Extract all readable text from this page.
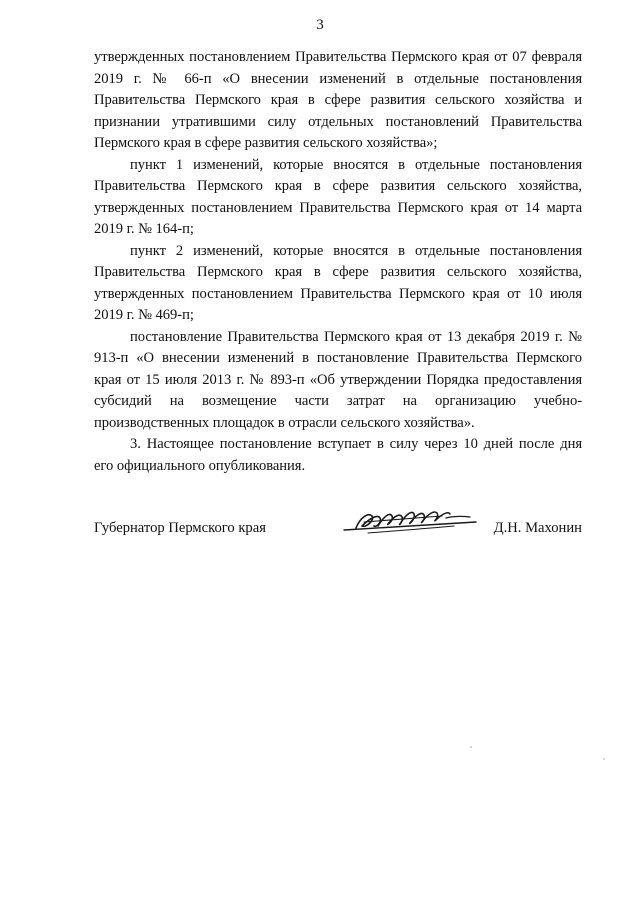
3

утвержденных постановлением Правительства Пермского края от 07 февраля 2019 г. № 66-п «О внесении изменений в отдельные постановления Правительства Пермского края в сфере развития сельского хозяйства и признании утратившими силу отдельных постановлений Правительства Пермского края в сфере развития сельского хозяйства»;

пункт 1 изменений, которые вносятся в отдельные постановления Правительства Пермского края в сфере развития сельского хозяйства, утвержденных постановлением Правительства Пермского края от 14 марта 2019 г. № 164-п;

пункт 2 изменений, которые вносятся в отдельные постановления Правительства Пермского края в сфере развития сельского хозяйства, утвержденных постановлением Правительства Пермского края от 10 июля 2019 г. № 469-п;

постановление Правительства Пермского края от 13 декабря 2019 г. № 913-п «О внесении изменений в постановление Правительства Пермского края от 15 июля 2013 г. № 893-п «Об утверждении Порядка предоставления субсидий на возмещение части затрат на организацию учебно-производственных площадок в отрасли сельского хозяйства».

3. Настоящее постановление вступает в силу через 10 дней после дня его официального опубликования.

Губернатор Пермского края	Д.Н. Махонин
